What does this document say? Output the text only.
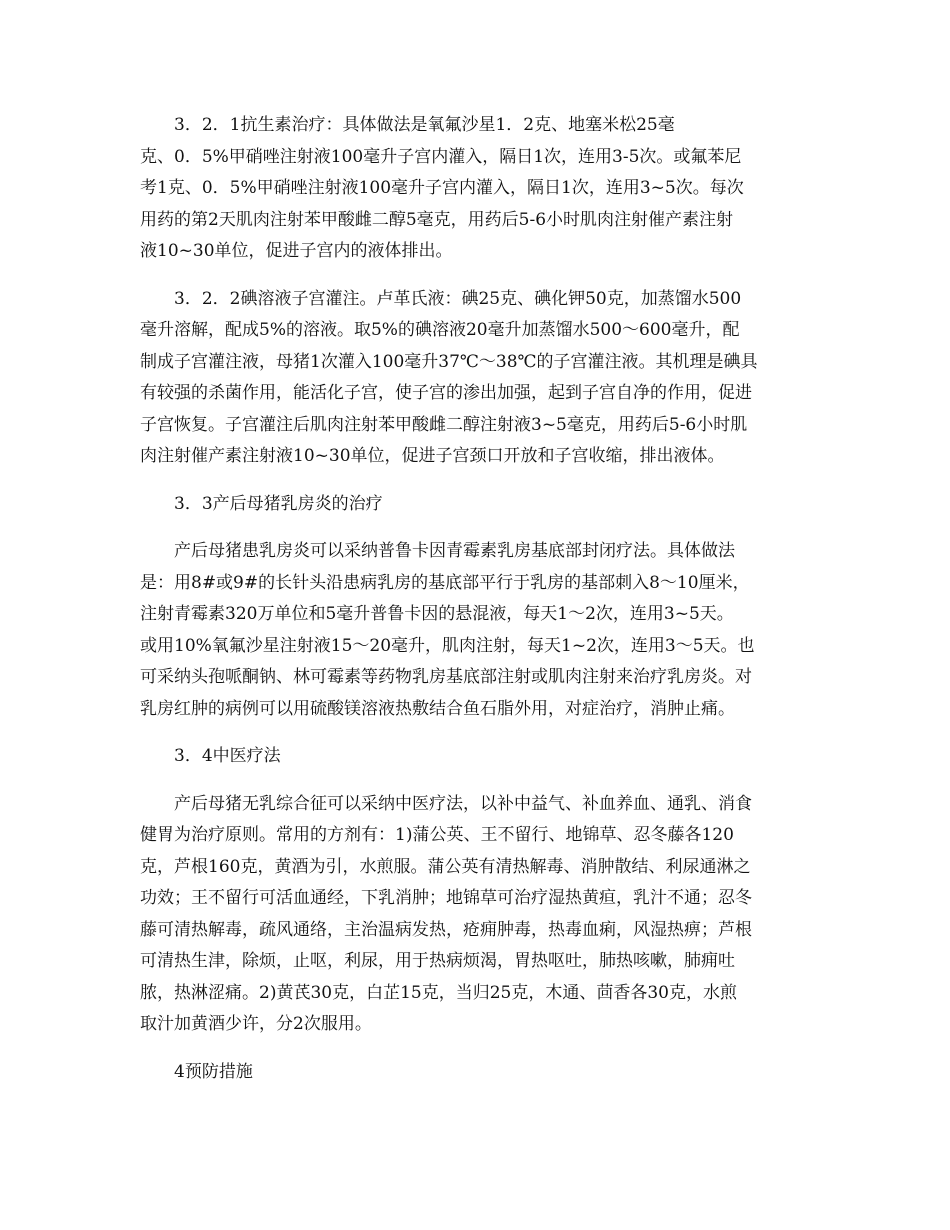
3．2．1抗生素治疗：具体做法是氧氟沙星1．2克、地塞米松25毫
克、0．5%甲硝唑注射液100毫升子宫内灌入，隔日1次，连用3-5次。或氟苯尼
考1克、0．5%甲硝唑注射液100毫升子宫内灌入，隔日1次，连用3~5次。每次
用药的第2天肌肉注射苯甲酸雌二醇5毫克，用药后5-6小时肌肉注射催产素注射
液10~30单位，促进子宫内的液体排出。
3．2．2碘溶液子宫灌注。卢革氏液：碘25克、碘化钾50克，加蒸馏水500
毫升溶解，配成5%的溶液。取5%的碘溶液20毫升加蒸馏水500～600毫升，配
制成子宫灌注液，母猪1次灌入100毫升37℃～38℃的子宫灌注液。其机理是碘具
有较强的杀菌作用，能活化子宫，使子宫的渗出加强，起到子宫自净的作用，促进
子宫恢复。子宫灌注后肌肉注射苯甲酸雌二醇注射液3~5毫克，用药后5-6小时肌
肉注射催产素注射液10~30单位，促进子宫颈口开放和子宫收缩，排出液体。
3．3产后母猪乳房炎的治疗
产后母猪患乳房炎可以采纳普鲁卡因青霉素乳房基底部封闭疗法。具体做法
是：用8#或9#的长针头沿患病乳房的基底部平行于乳房的基部刺入8～10厘米，
注射青霉素320万单位和5毫升普鲁卡因的悬混液，每天1～2次，连用3~5天。
或用10%氧氟沙星注射液15～20毫升，肌肉注射，每天1~2次，连用3～5天。也
可采纳头孢哌酮钠、林可霉素等药物乳房基底部注射或肌肉注射来治疗乳房炎。对
乳房红肿的病例可以用硫酸镁溶液热敷结合鱼石脂外用，对症治疗，消肿止痛。
3．4中医疗法
产后母猪无乳综合征可以采纳中医疗法，以补中益气、补血养血、通乳、消食
健胃为治疗原则。常用的方剂有：1)蒲公英、王不留行、地锦草、忍冬藤各120
克，芦根160克，黄酒为引，水煎服。蒲公英有清热解毒、消肿散结、利尿通淋之
功效；王不留行可活血通经，下乳消肿；地锦草可治疗湿热黄疸，乳汁不通；忍冬
藤可清热解毒，疏风通络，主治温病发热，疮痈肿毒，热毒血痢，风湿热痹；芦根
可清热生津，除烦，止呕，利尿，用于热病烦渴，胃热呕吐，肺热咳嗽，肺痈吐
脓，热淋涩痛。2)黄芪30克，白芷15克，当归25克，木通、茴香各30克，水煎
取汁加黄酒少许，分2次服用。
4预防措施
